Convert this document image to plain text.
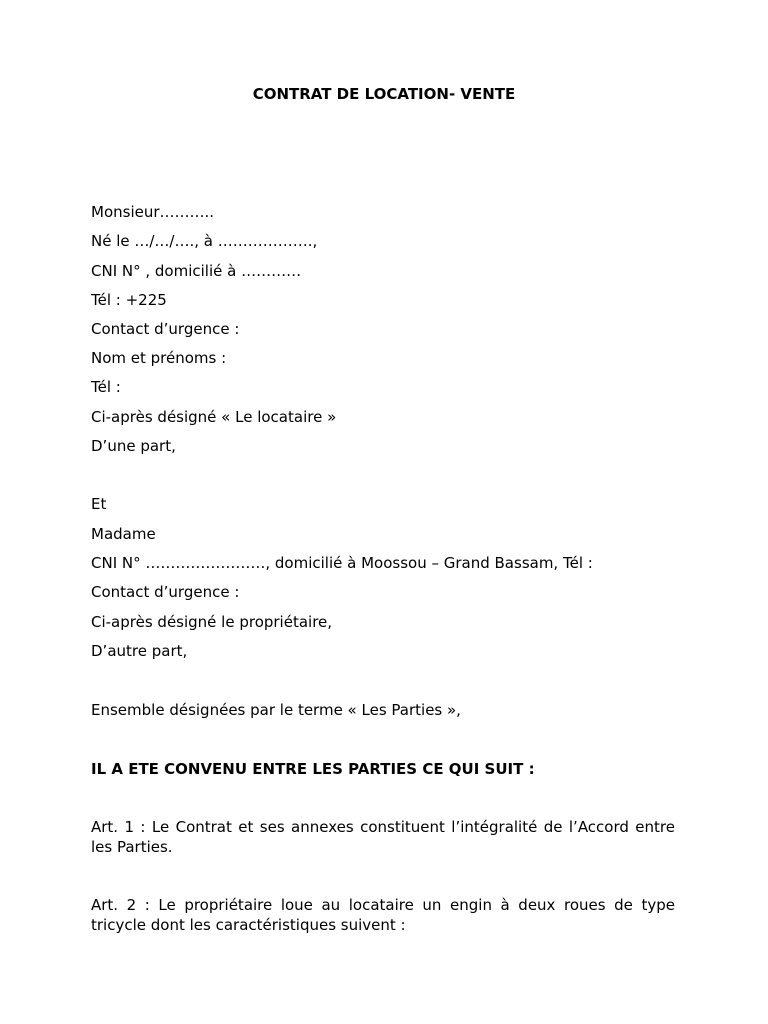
CONTRAT DE LOCATION- VENTE
Monsieur………..
Né le …/…/…., à ……………….,
CNI N° , domicilié à …………
Tél : +225
Contact d’urgence :
Nom et prénoms :
Tél :
Ci-après désigné « Le locataire »
D’une part,
Et
Madame
CNI N° ……………………, domicilié à Moossou – Grand Bassam, Tél :
Contact d’urgence :
Ci-après désigné le propriétaire,
D’autre part,
Ensemble désignées par le terme « Les Parties »,
IL A ETE CONVENU ENTRE LES PARTIES CE QUI SUIT :
Art. 1 : Le Contrat et ses annexes constituent l’intégralité de l’Accord entre les Parties.
Art. 2 : Le propriétaire loue au locataire un engin à deux roues de type tricycle dont les caractéristiques suivent :
